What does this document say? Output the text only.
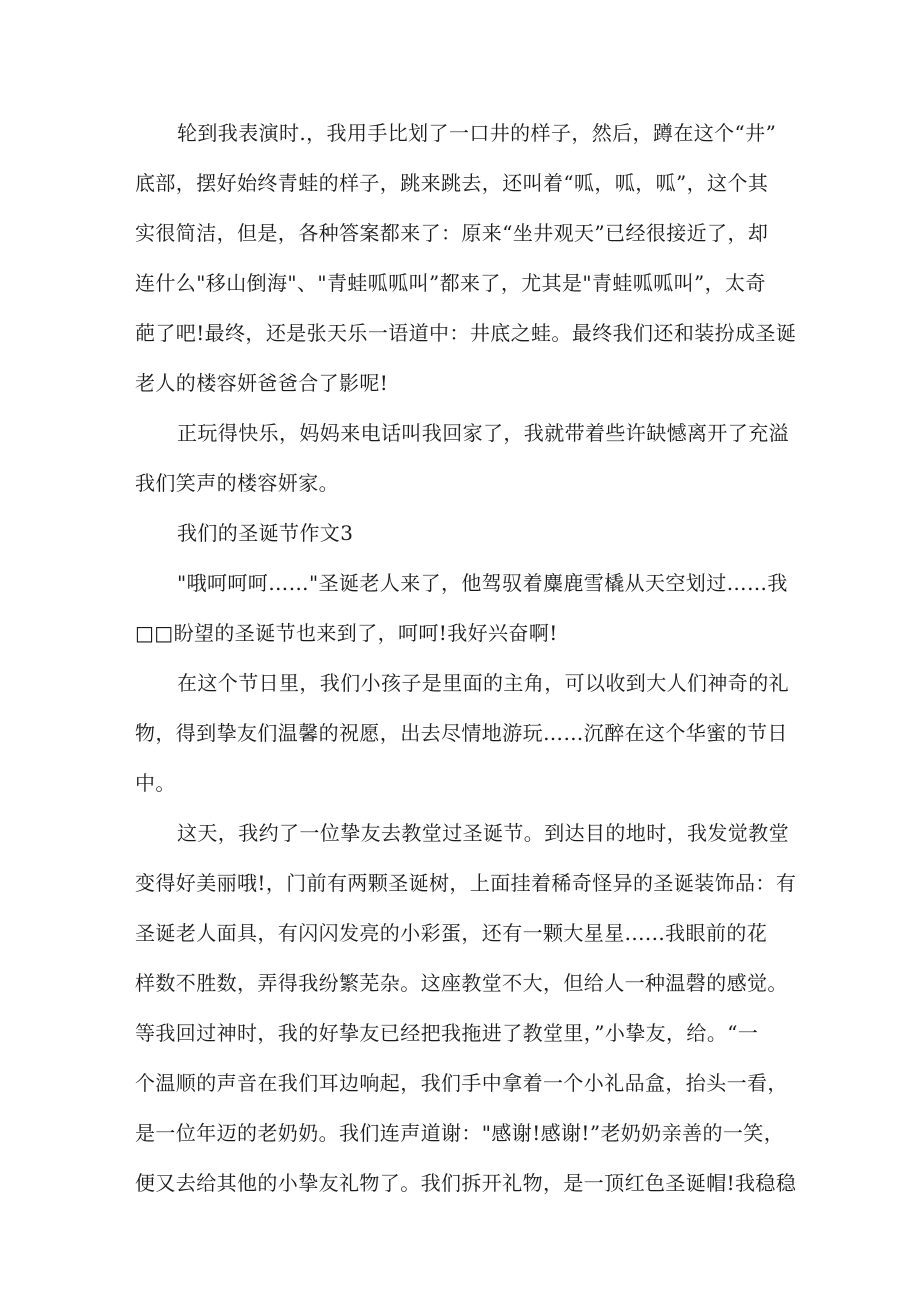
轮到我表演时.，我用手比划了一口井的样子，然后，蹲在这个“井”
底部，摆好始终青蛙的样子，跳来跳去，还叫着“呱，呱，呱”，这个其
实很简洁，但是，各种答案都来了：原来“坐井观天”已经很接近了，却
连什么"移山倒海"、"青蛙呱呱叫”都来了，尤其是"青蛙呱呱叫”，太奇
葩了吧!最终，还是张天乐一语道中：井底之蛙。最终我们还和装扮成圣诞
老人的楼容妍爸爸合了影呢!
正玩得快乐，妈妈来电话叫我回家了，我就带着些许缺憾离开了充溢
我们笑声的楼容妍家。
我们的圣诞节作文3
"哦呵呵呵……"圣诞老人来了，他驾驭着麋鹿雪橇从天空划过……我
□□盼望的圣诞节也来到了，呵呵!我好兴奋啊!
在这个节日里，我们小孩子是里面的主角，可以收到大人们神奇的礼
物，得到挚友们温馨的祝愿，出去尽情地游玩……沉醉在这个华蜜的节日
中。
这天，我约了一位挚友去教堂过圣诞节。到达目的地时，我发觉教堂
变得好美丽哦!，门前有两颗圣诞树，上面挂着稀奇怪异的圣诞装饰品：有
圣诞老人面具，有闪闪发亮的小彩蛋，还有一颗大星星......我眼前的花
样数不胜数，弄得我纷繁芜杂。这座教堂不大，但给人一种温磬的感觉。
等我回过神时，我的好挚友已经把我拖进了教堂里，”小挚友，给。“一
个温顺的声音在我们耳边响起，我们手中拿着一个小礼品盒，抬头一看，
是一位年迈的老奶奶。我们连声道谢："感谢!感谢!”老奶奶亲善的一笑，
便又去给其他的小挚友礼物了。我们拆开礼物，是一顶红色圣诞帽!我稳稳
